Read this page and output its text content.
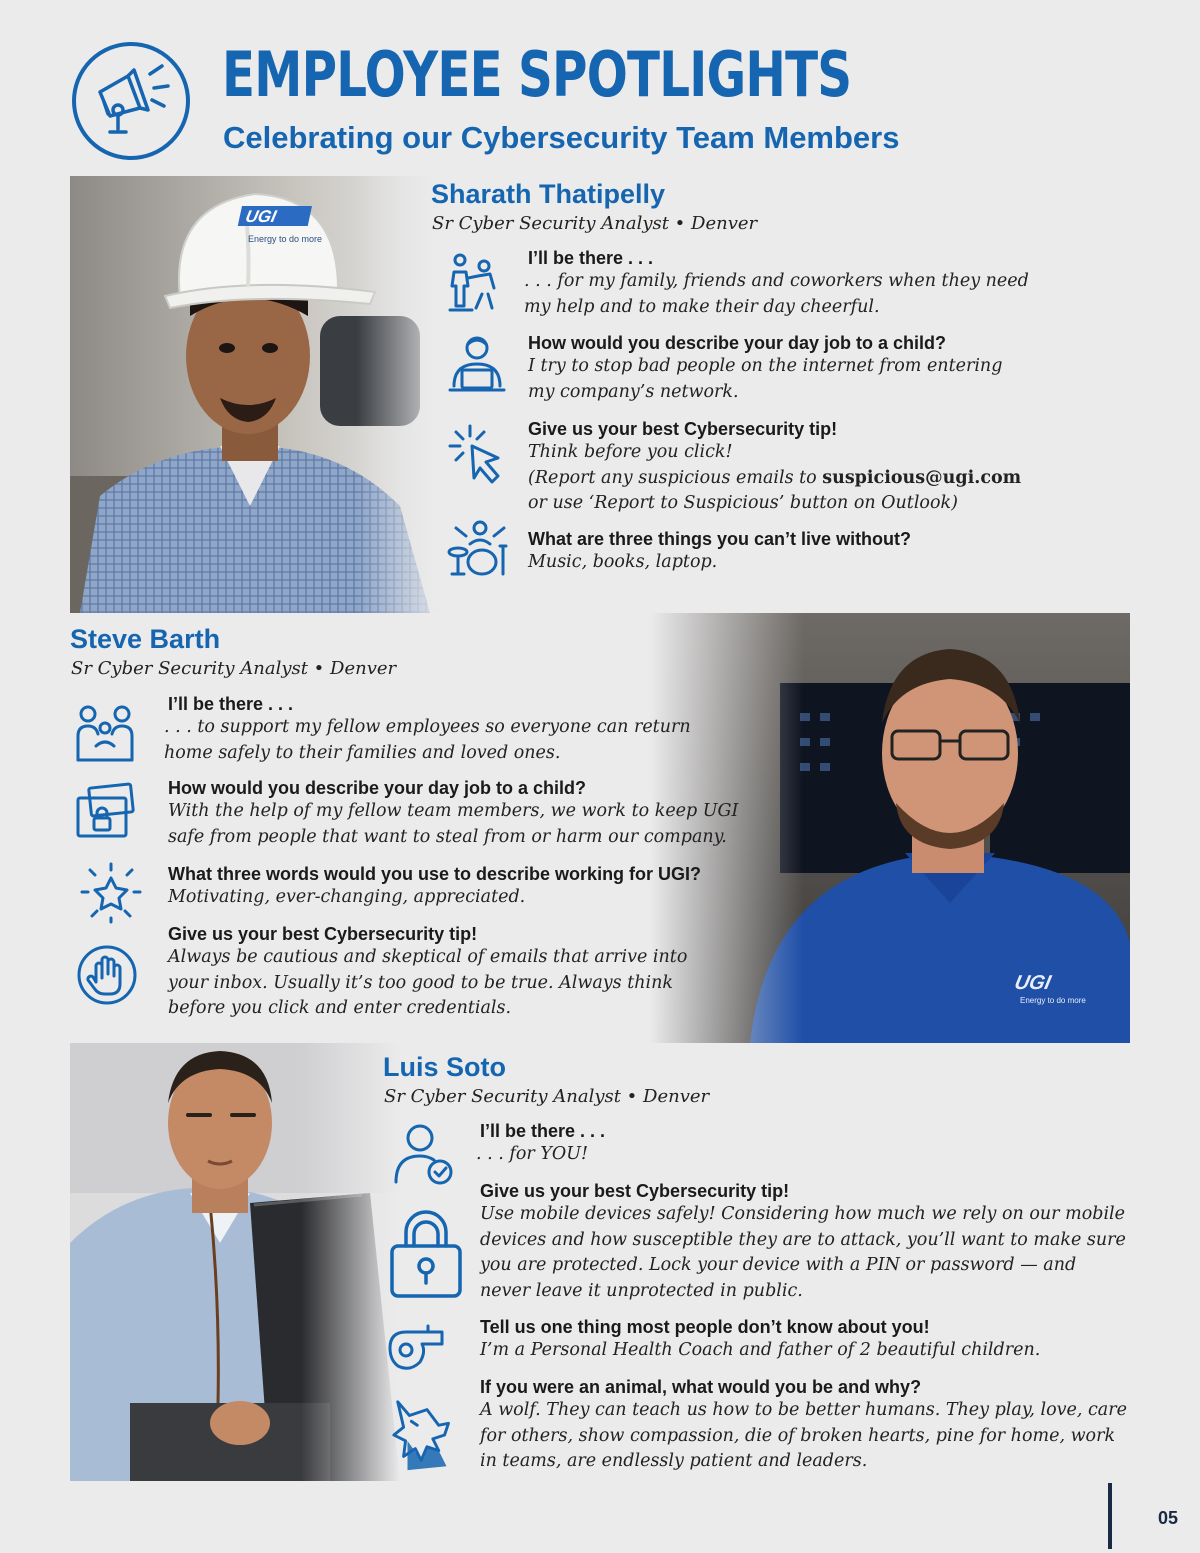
EMPLOYEE SPOTLIGHTS
Celebrating our Cybersecurity Team Members
Sharath Thatipelly
Sr Cyber Security Analyst • Denver
I’ll be there . . .
. . . for my family, friends and coworkers when they need my help and to make their day cheerful.
How would you describe your day job to a child?
I try to stop bad people on the internet from entering my company’s network.
Give us your best Cybersecurity tip!
Think before you click!
(Report any suspicious emails to suspicious@ugi.com
or use ‘Report to Suspicious’ button on Outlook)
What are three things you can’t live without?
Music, books, laptop.
Steve Barth
Sr Cyber Security Analyst • Denver
I’ll be there . . .
. . . to support my fellow employees so everyone can return home safely to their families and loved ones.
How would you describe your day job to a child?
With the help of my fellow team members, we work to keep UGI safe from people that want to steal from or harm our company.
What three words would you use to describe working for UGI?
Motivating, ever-changing, appreciated.
Give us your best Cybersecurity tip!
Always be cautious and skeptical of emails that arrive into your inbox. Usually it’s too good to be true. Always think before you click and enter credentials.
Luis Soto
Sr Cyber Security Analyst • Denver
I’ll be there . . .
. . . for YOU!
Give us your best Cybersecurity tip!
Use mobile devices safely! Considering how much we rely on our mobile devices and how susceptible they are to attack, you’ll want to make sure you are protected. Lock your device with a PIN or password — and never leave it unprotected in public.
Tell us one thing most people don’t know about you!
I’m a Personal Health Coach and father of 2 beautiful children.
If you were an animal, what would you be and why?
A wolf. They can teach us how to be better humans. They play, love, care for others, show compassion, die of broken hearts, pine for home, work in teams, are endlessly patient and leaders.
05
